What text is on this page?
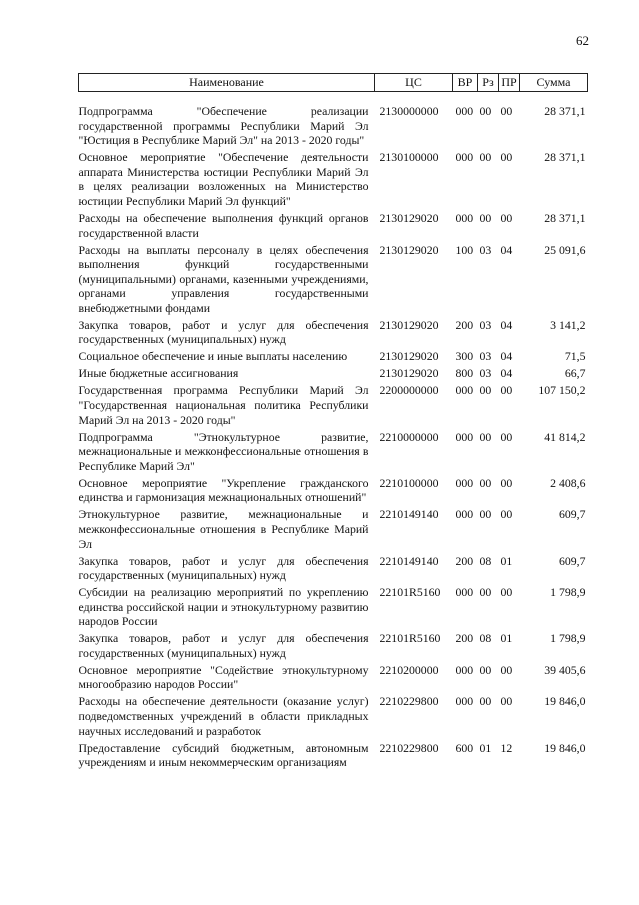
62
Наименование	ЦС	ВР	Рз	ПР	Сумма
Подпрограмма "Обеспечение реализации государственной программы Республики Марий Эл "Юстиция в Республике Марий Эл" на 2013 - 2020 годы"	2130000000	000	00	00	28 371,1
Основное мероприятие "Обеспечение деятельности аппарата Министерства юстиции Республики Марий Эл в целях реализации возложенных на Министерство юстиции Республики Марий Эл функций"	2130100000	000	00	00	28 371,1
Расходы на обеспечение выполнения функций органов государственной власти	2130129020	000	00	00	28 371,1
Расходы на выплаты персоналу в целях обеспечения выполнения функций государственными (муниципальными) органами, казенными учреждениями, органами управления государственными внебюджетными фондами	2130129020	100	03	04	25 091,6
Закупка товаров, работ и услуг для обеспечения государственных (муниципальных) нужд	2130129020	200	03	04	3 141,2
Социальное обеспечение и иные выплаты населению	2130129020	300	03	04	71,5
Иные бюджетные ассигнования	2130129020	800	03	04	66,7
Государственная программа Республики Марий Эл "Государственная национальная политика Республики Марий Эл на 2013 - 2020 годы"	2200000000	000	00	00	107 150,2
Подпрограмма "Этнокультурное развитие, межнациональные и межконфессиональные отношения в Республике Марий Эл"	2210000000	000	00	00	41 814,2
Основное мероприятие "Укрепление гражданского единства и гармонизация межнациональных отношений"	2210100000	000	00	00	2 408,6
Этнокультурное развитие, межнациональные и межконфессиональные отношения в Республике Марий Эл	2210149140	000	00	00	609,7
Закупка товаров, работ и услуг для обеспечения государственных (муниципальных) нужд	2210149140	200	08	01	609,7
Субсидии на реализацию мероприятий по укреплению единства российской нации и этнокультурному развитию народов России	22101R5160	000	00	00	1 798,9
Закупка товаров, работ и услуг для обеспечения государственных (муниципальных) нужд	22101R5160	200	08	01	1 798,9
Основное мероприятие "Содействие этнокультурному многообразию народов России"	2210200000	000	00	00	39 405,6
Расходы на обеспечение деятельности (оказание услуг) подведомственных учреждений в области прикладных научных исследований и разработок	2210229800	000	00	00	19 846,0
Предоставление субсидий бюджетным, автономным учреждениям и иным некоммерческим организациям	2210229800	600	01	12	19 846,0
